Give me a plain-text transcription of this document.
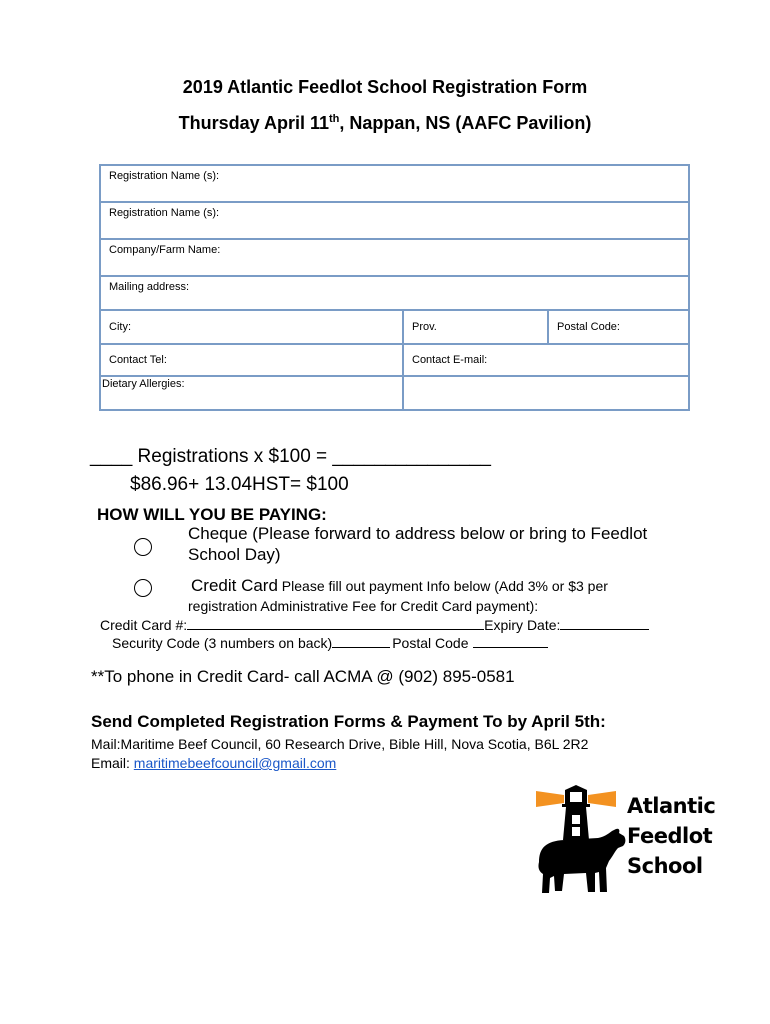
2019 Atlantic Feedlot School Registration Form
Thursday April 11th, Nappan, NS (AAFC Pavilion)
Registration Name (s):		
Registration Name (s):		
Company/Farm Name:		
Mailing address:		
City:	Prov.	Postal Code:
Contact Tel:	Contact E-mail:	
Dietary Allergies:		
____ Registrations x $100 = _______________
$86.96+ 13.04HST= $100
HOW WILL YOU BE PAYING:
Cheque (Please forward to address below or bring to Feedlot
School Day)
Credit Card Please fill out payment Info below (Add 3% or $3 per
registration Administrative Fee for Credit Card payment):
Credit Card #:	Expiry Date:
Security Code (3 numbers on back)	Postal Code
**To phone in Credit Card- call ACMA @ (902) 895-0581
Send Completed Registration Forms & Payment To by April 5th:
Mail:Maritime Beef Council, 60 Research Drive, Bible Hill, Nova Scotia, B6L 2R2
Email: maritimebeefcouncil@gmail.com
Atlantic
Feedlot
School
